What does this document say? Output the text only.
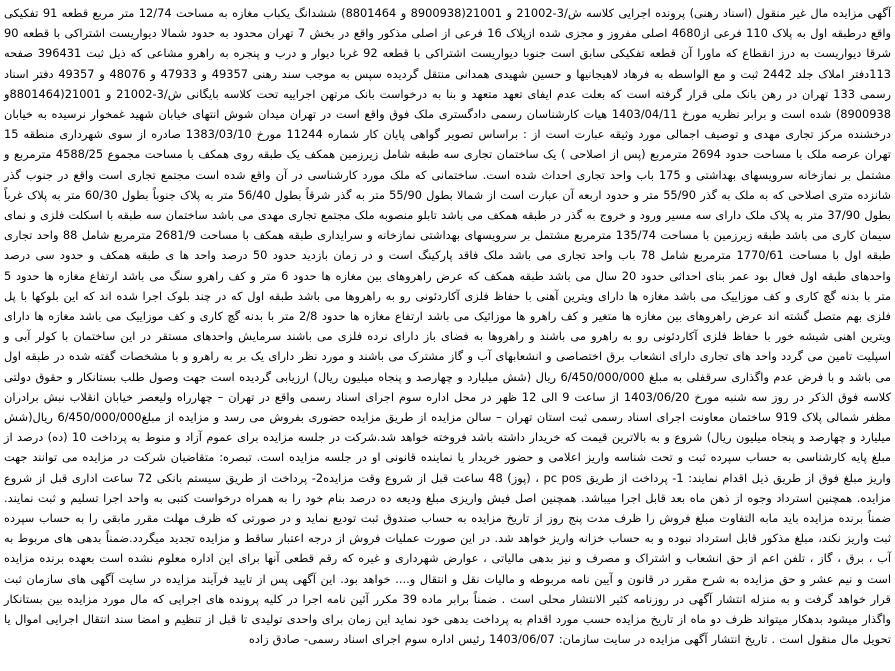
آگهی مزایده مال غیر منقول (اسناد رهنی) پرونده اجرایی کلاسه ش/3-21002 و 21001(8900938 و 8801464) ششدانگ یکباب مغازه به مساحت 12/74 متر مربع قطعه 91 تفکیکی واقع درطبقه اول به پلاک 110 فرعی از4680 اصلی مفروز و مجزی شده ازپلاک 16 فرعی از اصلی مذکور واقع در بخش 7 تهران محدود به حدود شمالا دیواریست اشتراکی با قطعه 90 شرقا دیواریست به درز انقطاع که ماورا آن قطعه تفکیکی سابق است جنوبا دیواریست اشتراکی با قطعه 92 غربا دیوار و درب و پنجره به راهرو مشاعی که ذیل ثبت 396431 صفحه 113دفتر املاک جلد 2442 ثبت و مع الواسطه به فرهاد لاهیجانیها و حسین شهیدی همدانی منتقل گردیده سپس به موجب سند رهنی 49357 و 47933 و 48076 و 49357 دفتر اسناد رسمی 133 تهران در رهن بانک ملی قرار گرفته است که بعلت عدم ایفای تعهد متعهد و بنا به درخواست بانک مرتهن اجراییه تحت کلاسه بایگانی ش/3-21002 و 21001(8801464و 8900938) شده است و برابر نظریه مورخ 1403/04/11 هیات کارشناسان رسمی دادگستری ملک فوق واقع است در تهران میدان شوش انتهای خیابان شهید غمخوار نرسیده به خیابان درخشنده مرکز تجاری مهدی و توصیف اجمالی مورد وثیقه عبارت است از : براساس تصویر گواهی پایان کار شماره 11244 مورخ 1383/03/10 صادره از سوی شهرداری منطقه 15 تهران عرصه ملک با مساحت حدود 2694 مترمربع (پس از اصلاحی ) یک ساختمان تجاری سه طبقه شامل زیرزمین همکف یک طبقه روی همکف با مساحت مجموع 4588/25 مترمربع و مشتمل بر نمازخانه سرویسهای بهداشتی و 175 باب واحد تجاری احداث شده است. ساختمانی که ملک مورد کارشناسی در آن واقع شده است مجتمع تجاری است واقع در جنوب گذر شانزده متری اصلاحی که به ملک به گذر 55/90 متر و حدود اربعه آن عبارت است از شمالا بطول 55/90 متر به گذر شرقاً بطول 56/40 متر به پلاک جنوباً بطول 60/30 متر به پلاک غرباً بطول 37/90 متر به پلاک ملک دارای سه مسیر ورود و خروج به گذر در طبقه همکف می باشد تابلو منصوبه ملک مجتمع تجاری مهدی می باشد ساختمان سه طبقه با اسکلت فلزی و نمای سیمان کاری می باشد طبقه زیرزمین با مساحت 135/74 مترمربع مشتمل بر سرویسهای بهداشتی نمازخانه و سرایداری طبقه همکف با مساحت 2681/9 مترمربع شامل 88 واحد تجاری طبقه اول با مساحت 1770/61 مترمربع شامل 78 باب واحد تجاری می باشد ملک فاقد پارکینگ است و در زمان بازدید حدود 50 درصد واحد ها ی طبقه همکف و حدود سی درصد واحدهای طبقه اول فعال بود عمر بنای احداثی حدود 20 سال می باشد طبقه همکف که عرض راهروهای بین مغازه ها حدود 6 متر و کف راهرو سنگ می باشد ارتفاع مغازه ها حدود 5 متر با بدنه گچ کاری و کف موزاییک می باشد مغازه ها دارای ویترین آهنی با حفاظ فلزی آکاردئونی رو به راهروها می باشد طبقه اول که در چند بلوک اجرا شده اند که این بلوکها با پل فلزی بهم متصل گشته اند عرض راهروهای بین مغازه ها متغیر و کف راهرو ها موزائیک می باشد ارتفاع مغازه ها حدود 2/8 متر با بدنه گچ کاری و کف موزاییک می باشد مغازه ها دارای ویترین اهنی شیشه خور با حفاظ فلزی آکاردئونی رو به راهرو می باشند و راهروها به فضای باز دارای نرده فلزی می باشند سرمایش واحدهای مستقر در این ساختمان با کولر آبی و اسپلیت تامین می گردد واحد های تجاری دارای انشعاب برق اختصاصی و انشعابهای آب و گاز مشترک می باشند و مورد نظر دارای یک بر به راهرو و با مشخصات گفته شده در طبقه اول می باشد و با فرض عدم واگذاری سرقفلی به مبلغ 6/450/000/000 ریال (شش میلیارد و چهارصد و پنجاه میلیون ریال) ارزیابی گردیده است جهت وصول طلب بستانکار و حقوق دولتی کلاسه فوق الذکر در روز سه شنبه مورخ 1403/06/20 از ساعت 9 الی 12 ظهر در محل اداره سوم اجرای اسناد رسمی واقع در تهران – چهارراه ولیعصر خیابان انقلاب نبش برادران مظفر شمالی پلاک 919 ساختمان معاونت اجرای اسناد رسمی ثبت استان تهران – سالن مزایده از طریق مزایده حضوری بفروش می رسد و مزایده از مبلغ6/450/000/000 ریال(شش میلیارد و چهارصد و پنجاه میلیون ریال) شروع و به بالاترین قیمت که خریدار داشته باشد فروخته خواهد شد.شرکت در جلسه مزایده برای عموم آزاد و منوط به پرداخت 10 (ده) درصد از مبلغ پایه کارشناسی به حساب سپرده ثبت و تحت شناسه واریز اعلامی و حضور خریدار یا نماینده قانونی او در جلسه مزایده است. تبصره: متقاضیان شرکت در مزایده می توانند جهت واریز مبلغ فوق از طریق ذیل اقدام نمایند: 1- پرداخت از طریق pc pos ، (پوز) 48 ساعت قبل از شروع وقت مزایده2- پرداخت از طریق سیستم بانکی 72 ساعت اداری قبل از شروع مزایده. همچنین استرداد وجوه از ذهن ماه بعد قابل اجرا میباشد. همچنین اصل فیش واریزی مبلغ ودیعه ده درصد بنام خود را به همراه درخواست کتبی به واحد اجرا تسلیم و ثبت نمایند. ضمناً برنده مزایده باید مابه التفاوت مبلغ فروش را ظرف مدت پنج روز از تاریخ مزایده به حساب صندوق ثبت تودیع نماید و در صورتی که ظرف مهلت مقرر مابقی را به حساب سپرده ثبت واریز نکند، مبلغ مذکور قابل استرداد نبوده و به حساب خزانه واریز خواهد شد. در این صورت عملیات فروش از درجه اعتبار ساقط و مزایده تجدید میگردد.ضمناً بدهی های مربوط به آب ، برق ، گاز ، تلفن اعم از حق انشعاب و اشتراک و مصرف و نیز بدهی مالیاتی ، عوارض شهرداری و غیره که رقم قطعی آنها برای این اداره معلوم نشده است بعهده برنده مزایده است و نیم عشر و حق مزایده به شرح مقرر در قانون و آیین نامه مربوطه و مالیات نقل و انتقال و.... خواهد بود. این آگهی پس از تایید فرآیند مزایده در سایت آگهی های سازمان ثبت قرار خواهد گرفت و به منزله انتشار آگهی در روزنامه کثیر الانتشار محلی است . ضمناً برابر ماده 39 مکرر آئین نامه اجرا در کلیه پرونده های اجرایی که مال مورد مزایده بین بستانکار واگذار میشود بدهکار میتواند ظرف دو ماه از تاریخ مزایده حسب مورد اقدام به پرداخت بدهی خود نماید این زمان برای واحدی تولیدی تا قبل از تنظیم و امضا سند انتقال اجرایی اموال یا تحویل مال منقول است . تاریخ انتشار آگهی مزایده در سایت سازمان: 1403/06/07 رئیس اداره سوم اجرای اسناد رسمی- صادق زاده
